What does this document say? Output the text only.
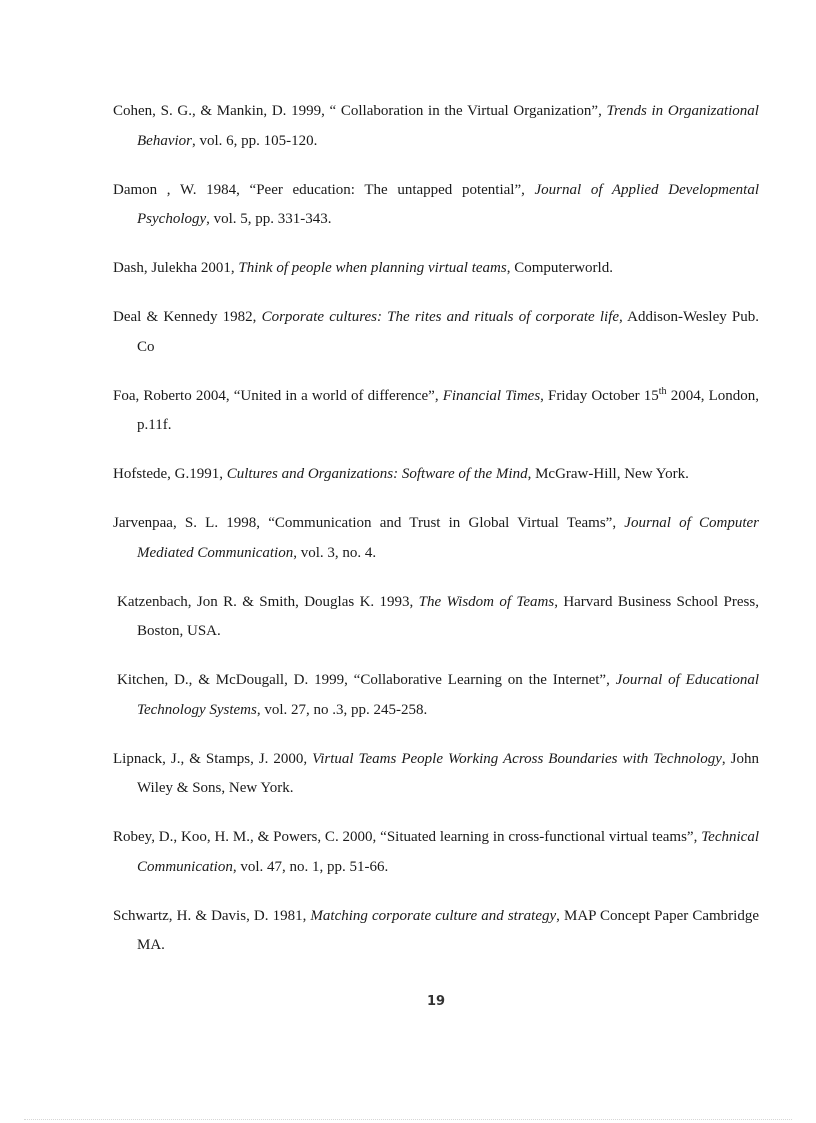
Cohen, S. G., & Mankin, D. 1999, “ Collaboration in the Virtual Organization”, Trends in Organizational Behavior, vol. 6, pp. 105-120.

Damon , W. 1984, “Peer education: The untapped potential”, Journal of Applied Developmental Psychology, vol. 5, pp. 331-343.

Dash, Julekha 2001, Think of people when planning virtual teams, Computerworld.

Deal & Kennedy 1982, Corporate cultures: The rites and rituals of corporate life, Addison-Wesley Pub. Co

Foa, Roberto 2004, “United in a world of difference”, Financial Times, Friday October 15th 2004, London, p.11f.

Hofstede, G.1991, Cultures and Organizations: Software of the Mind, McGraw-Hill, New York.

Jarvenpaa, S. L. 1998, “Communication and Trust in Global Virtual Teams”, Journal of Computer Mediated Communication, vol. 3, no. 4.

Katzenbach, Jon R. & Smith, Douglas K. 1993, The Wisdom of Teams, Harvard Business School Press, Boston, USA.

Kitchen, D., & McDougall, D. 1999, “Collaborative Learning on the Internet”, Journal of Educational Technology Systems, vol. 27, no .3, pp. 245-258.

Lipnack, J., & Stamps, J. 2000, Virtual Teams People Working Across Boundaries with Technology, John Wiley & Sons, New York.

Robey, D., Koo, H. M., & Powers, C. 2000, “Situated learning in cross-functional virtual teams”, Technical Communication, vol. 47, no. 1, pp. 51-66.

Schwartz, H. & Davis, D. 1981, Matching corporate culture and strategy, MAP Concept Paper Cambridge MA.

19
